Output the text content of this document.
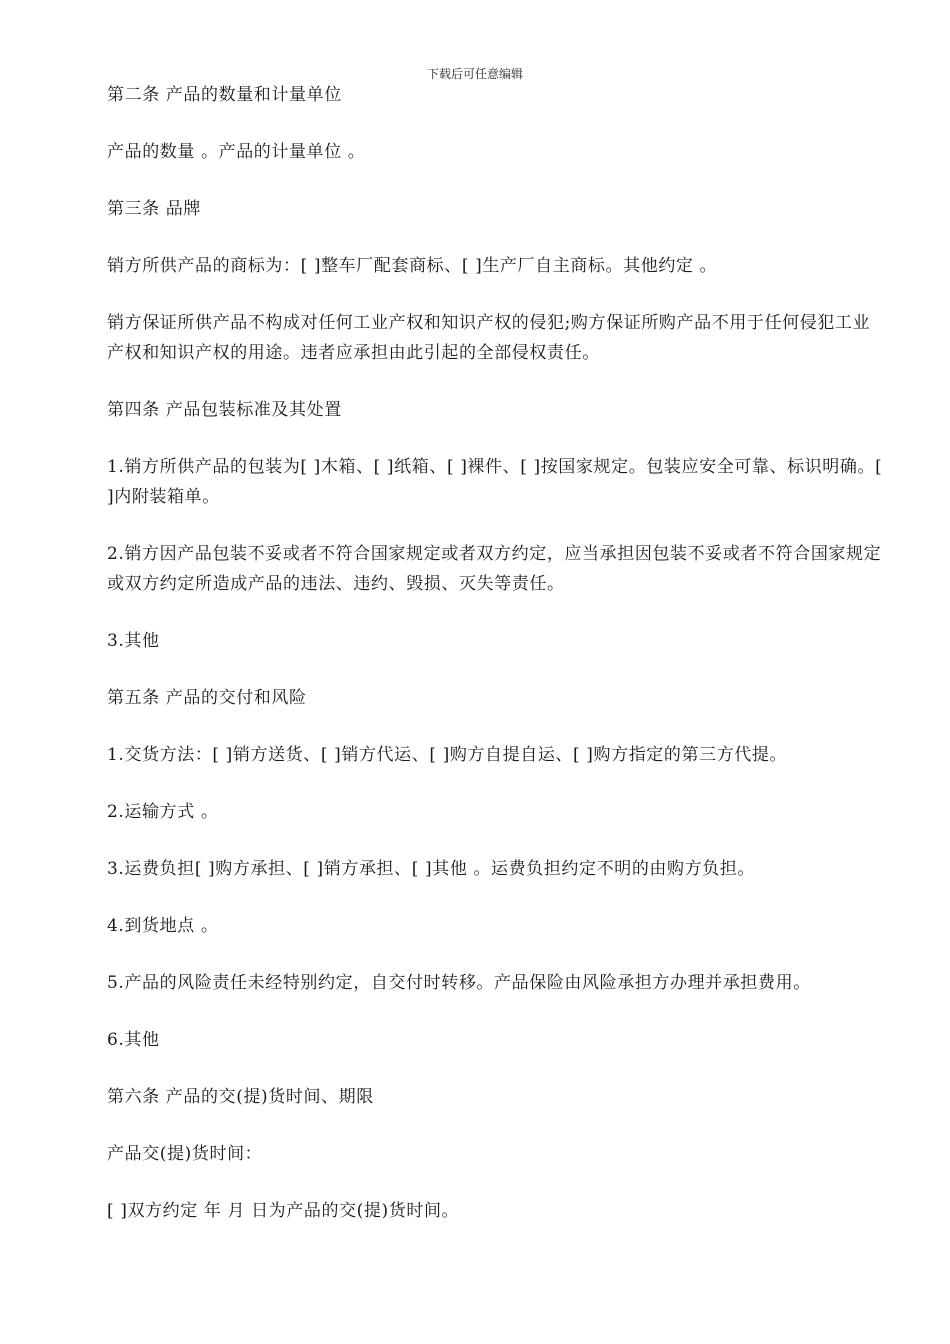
下载后可任意编辑

第二条 产品的数量和计量单位

产品的数量 。产品的计量单位 。

第三条 品牌

销方所供产品的商标为：[ ]整车厂配套商标、[ ]生产厂自主商标。其他约定 。

销方保证所供产品不构成对任何工业产权和知识产权的侵犯;购方保证所购产品不用于任何侵犯工业产权和知识产权的用途。违者应承担由此引起的全部侵权责任。

第四条 产品包装标准及其处置

1.销方所供产品的包装为[ ]木箱、[ ]纸箱、[ ]裸件、[ ]按国家规定。包装应安全可靠、标识明确。[ ]内附装箱单。

2.销方因产品包装不妥或者不符合国家规定或者双方约定，应当承担因包装不妥或者不符合国家规定或双方约定所造成产品的违法、违约、毁损、灭失等责任。

3.其他

第五条 产品的交付和风险

1.交货方法：[ ]销方送货、[ ]销方代运、[ ]购方自提自运、[ ]购方指定的第三方代提。

2.运输方式 。

3.运费负担[ ]购方承担、[ ]销方承担、[ ]其他 。运费负担约定不明的由购方负担。

4.到货地点 。

5.产品的风险责任未经特别约定，自交付时转移。产品保险由风险承担方办理并承担费用。

6.其他

第六条 产品的交(提)货时间、期限

产品交(提)货时间：

[ ]双方约定 年 月 日为产品的交(提)货时间。
